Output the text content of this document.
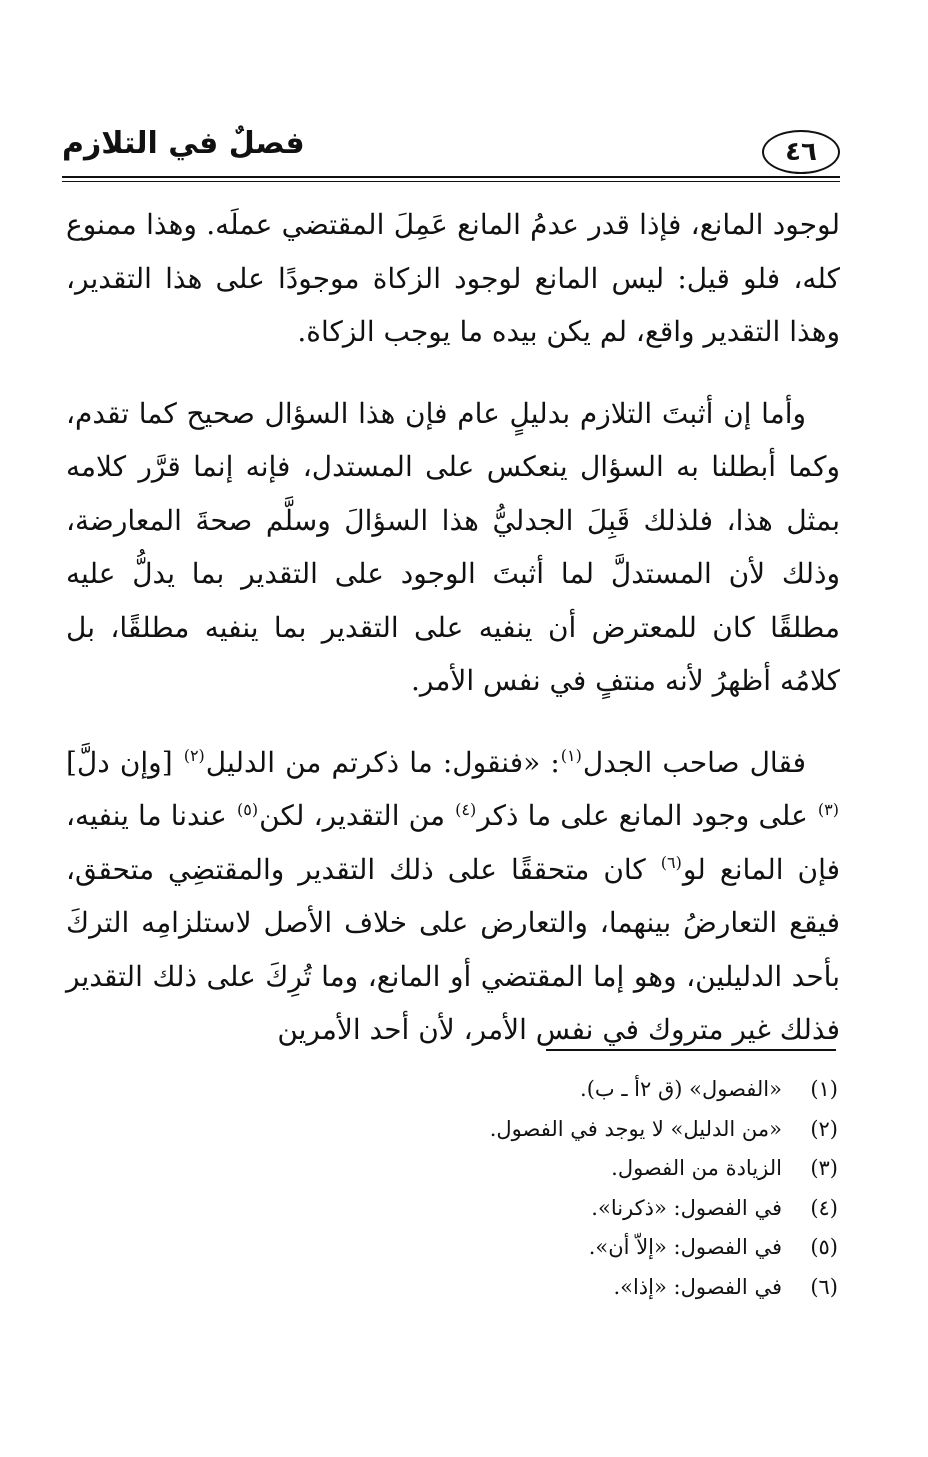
٤٦
فصلٌ في التلازم

لوجود المانع، فإذا قدر عدمُ المانع عَمِلَ المقتضي عملَه. وهذا ممنوع كله، فلو قيل: ليس المانع لوجود الزكاة موجودًا على هذا التقدير، وهذا التقدير واقع، لم يكن بيده ما يوجب الزكاة.

وأما إن أثبتَ التلازم بدليلٍ عام فإن هذا السؤال صحيح كما تقدم، وكما أبطلنا به السؤال ينعكس على المستدل، فإنه إنما قرَّر كلامه بمثل هذا، فلذلك قَبِلَ الجدليُّ هذا السؤالَ وسلَّم صحةَ المعارضة، وذلك لأن المستدلَّ لما أثبتَ الوجود على التقدير بما يدلُّ عليه مطلقًا كان للمعترض أن ينفيه على التقدير بما ينفيه مطلقًا، بل كلامُه أظهرُ لأنه منتفٍ في نفس الأمر.

فقال صاحب الجدل$^{(١)}$: «فنقول: ما ذكرتم من الدليل$^{(٢)}$ [وإن دلَّ]$^{(٣)}$ على وجود المانع على ما ذكر$^{(٤)}$ من التقدير، لكن$^{(٥)}$ عندنا ما ينفيه، فإن المانع لو$^{(٦)}$ كان متحققًا على ذلك التقدير والمقتضِي متحقق، فيقع التعارضُ بينهما، والتعارض على خلاف الأصل لاستلزامِه التركَ بأحد الدليلين، وهو إما المقتضي أو المانع، وما تُرِكَ على ذلك التقدير فذلك غير متروك في نفس الأمر، لأن أحد الأمرين

(١)«الفصول» (ق ٢أ ـ ب).
(٢)«من الدليل» لا يوجد في الفصول.
(٣)الزيادة من الفصول.
(٤)في الفصول: «ذكرنا».
(٥)في الفصول: «إلاّ أن».
(٦)في الفصول: «إذا».
